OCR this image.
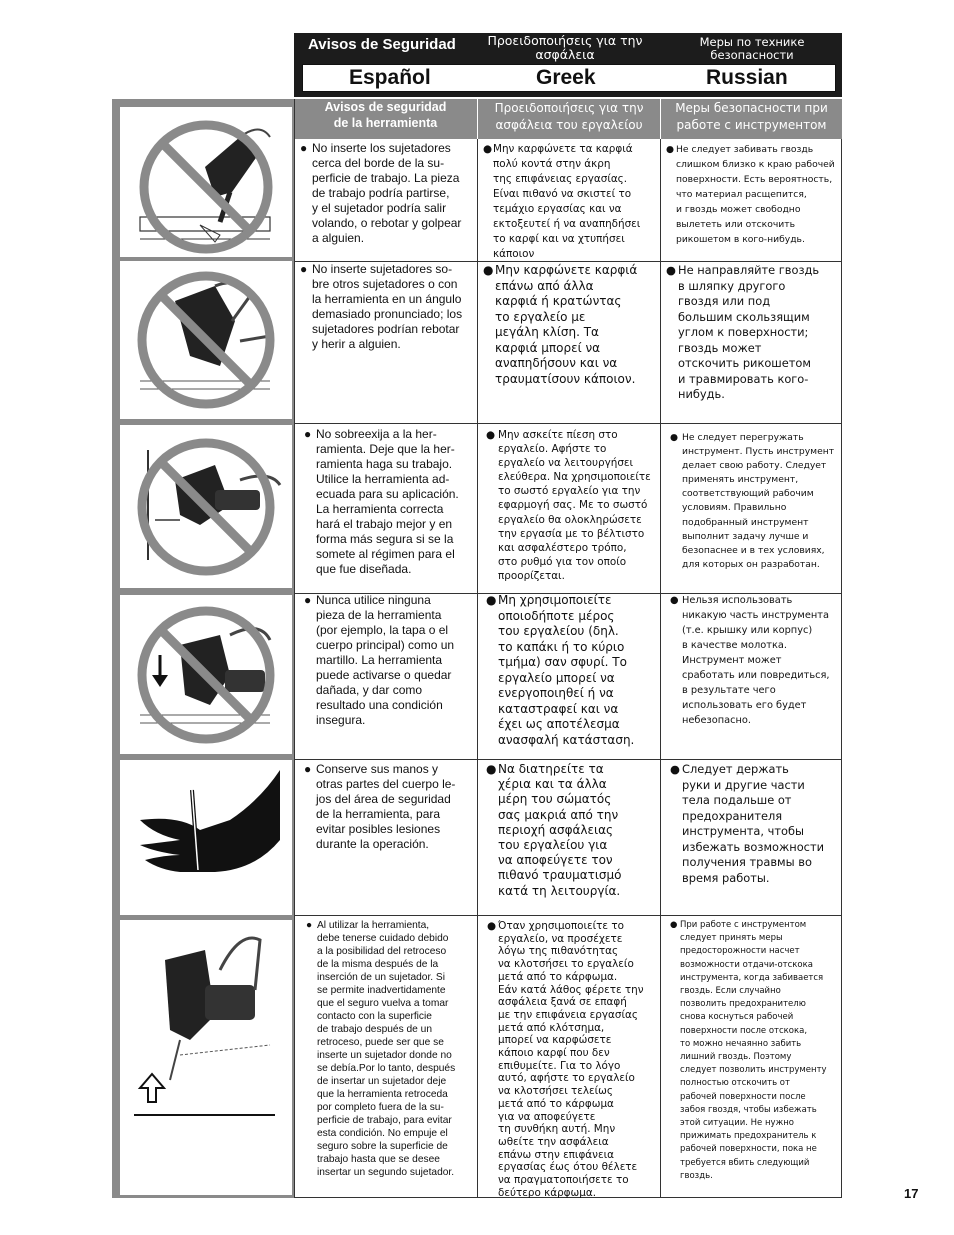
Avisos de Seguridad	Προειδοποιήσεις για την
ασφάλεια
Меры по технике
безопасности
Español	Greek	Russian
Avisos de seguridad
de la herramienta
Προειδοποιήσεις για την
ασφάλεια του εργαλείου
Меры безопасности при
работе с инструментом
● No inserte los sujetadores
cerca del borde de la su-
perficie de trabajo. La pieza
de trabajo podría partirse,
y el sujetador podría salir
volando, o rebotar y golpear
a alguien.
● Μην καρφώνετε τα καρφιά
πολύ κοντά στην άκρη
της επιφάνειας εργασίας.
Είναι πιθανό να σκιστεί το
τεμάχιο εργασίας και να
εκτοξευτεί ή να αναπηδήσει
το καρφί και να χτυπήσει
κάποιον
● Не следует забивать гвоздь
слишком близко к краю рабочей
поверхности. Есть вероятность,
что материал расщепится,
и гвоздь может свободно
вылететь или отскочить
рикошетом в кого-нибудь.
● No inserte sujetadores so-
bre otros sujetadores o con
la herramienta en un ángulo
demasiado pronunciado; los
sujetadores podrían rebotar
y herir a alguien.
● Μην καρφώνετε καρφιά
επάνω από άλλα
καρφιά ή κρατώντας
το εργαλείο με
μεγάλη κλίση. Τα
καρφιά μπορεί να
αναπηδήσουν και να
τραυματίσουν κάποιον.
● Не направляйте гвоздь
в шляпку другого
гвоздя или под
большим скользящим
углом к поверхности;
гвоздь может
отскочить рикошетом
и травмировать кого-
нибудь.
● No sobreexija a la her-
ramienta. Deje que la her-
ramienta haga su trabajo.
Utilice la herramienta ad-
ecuada para su aplicación.
La herramienta correcta
hará el trabajo mejor y en
forma más segura si se la
somete al régimen para el
que fue diseñada.
● Μην ασκείτε πίεση στο
εργαλείο. Αφήστε το
εργαλείο να λειτουργήσει
ελεύθερα. Να χρησιμοποιείτε
το σωστό εργαλείο για την
εφαρμογή σας. Με το σωστό
εργαλείο θα ολοκληρώσετε
την εργασία με το βέλτιστο
και ασφαλέστερο τρόπο,
στο ρυθμό για τον οποίο
προορίζεται.
● Не следует перегружать
инструмент. Пусть инструмент
делает свою работу. Следует
применять инструмент,
соответствующий рабочим
условиям. Правильно
подобранный инструмент
выполнит задачу лучше и
безопаснее и в тех условиях,
для которых он разработан.
● Nunca utilice ninguna
pieza de la herramienta
(por ejemplo, la tapa o el
cuerpo principal) como un
martillo. La herramienta
puede activarse o quedar
dañada, y dar como
resultado una condición
insegura.
● Μη χρησιμοποιείτε
οποιοδήποτε μέρος
του εργαλείου (δηλ.
το καπάκι ή το κύριο
τμήμα) σαν σφυρί. Το
εργαλείο μπορεί να
ενεργοποιηθεί ή να
καταστραφεί και να
έχει ως αποτέλεσμα
ανασφαλή κατάσταση.
● Нельзя использовать
никакую часть инструмента
(т.е. крышку или корпус)
в качестве молотка.
Инструмент может
сработать или повредиться,
в результате чего
использовать его будет
небезопасно.
● Conserve sus manos y
otras partes del cuerpo le-
jos del área de seguridad
de la herramienta, para
evitar posibles lesiones
durante la operación.
● Να διατηρείτε τα
χέρια και τα άλλα
μέρη του σώματός
σας μακριά από την
περιοχή ασφάλειας
του εργαλείου για
να αποφεύγετε τον
πιθανό τραυματισμό
κατά τη λειτουργία.
● Следует держать
руки и другие части
тела подальше от
предохранителя
инструмента, чтобы
избежать возможности
получения травмы во
время работы.
● Al utilizar la herramienta,
debe tenerse cuidado debido
a la posibilidad del retroceso
de la misma después de la
inserción de un sujetador. Si
se permite inadvertidamente
que el seguro vuelva a tomar
contacto con la superficie
de trabajo después de un
retroceso, puede ser que se
inserte un sujetador donde no
se debía.Por lo tanto, después
de insertar un sujetador deje
que la herramienta retroceda
por completo fuera de la su-
perficie de trabajo, para evitar
esta condición. No empuje el
seguro sobre la superficie de
trabajo hasta que se desee
insertar un segundo sujetador.
● Όταν χρησιμοποιείτε το
εργαλείο, να προσέχετε
λόγω της πιθανότητας
να κλοτσήσει το εργαλείο
μετά από το κάρφωμα.
Εάν κατά λάθος φέρετε την
ασφάλεια ξανά σε επαφή
με την επιφάνεια εργασίας
μετά από κλότσημα,
μπορεί να καρφώσετε
κάποιο καρφί που δεν
επιθυμείτε. Για το λόγο
αυτό, αφήστε το εργαλείο
να κλοτσήσει τελείως
μετά από το κάρφωμα
για να αποφεύγετε
τη συνθήκη αυτή. Μην
ωθείτε την ασφάλεια
επάνω στην επιφάνεια
εργασίας έως ότου θέλετε
να πραγματοποιήσετε το
δεύτερο κάρφωμα.
● При работе с инструментом
следует принять меры
предосторожности насчет
возможности отдачи-отскока
инструмента, когда забивается
гвоздь. Если случайно
позволить предохранителю
снова коснуться рабочей
поверхности после отскока,
то можно нечаянно забить
лишний гвоздь. Поэтому
следует позволить инструменту
полностью отскочить от
рабочей поверхности после
забоя гвоздя, чтобы избежать
этой ситуации. Не нужно
прижимать предохранитель к
рабочей поверхности, пока не
требуется вбить следующий
гвоздь.
17
